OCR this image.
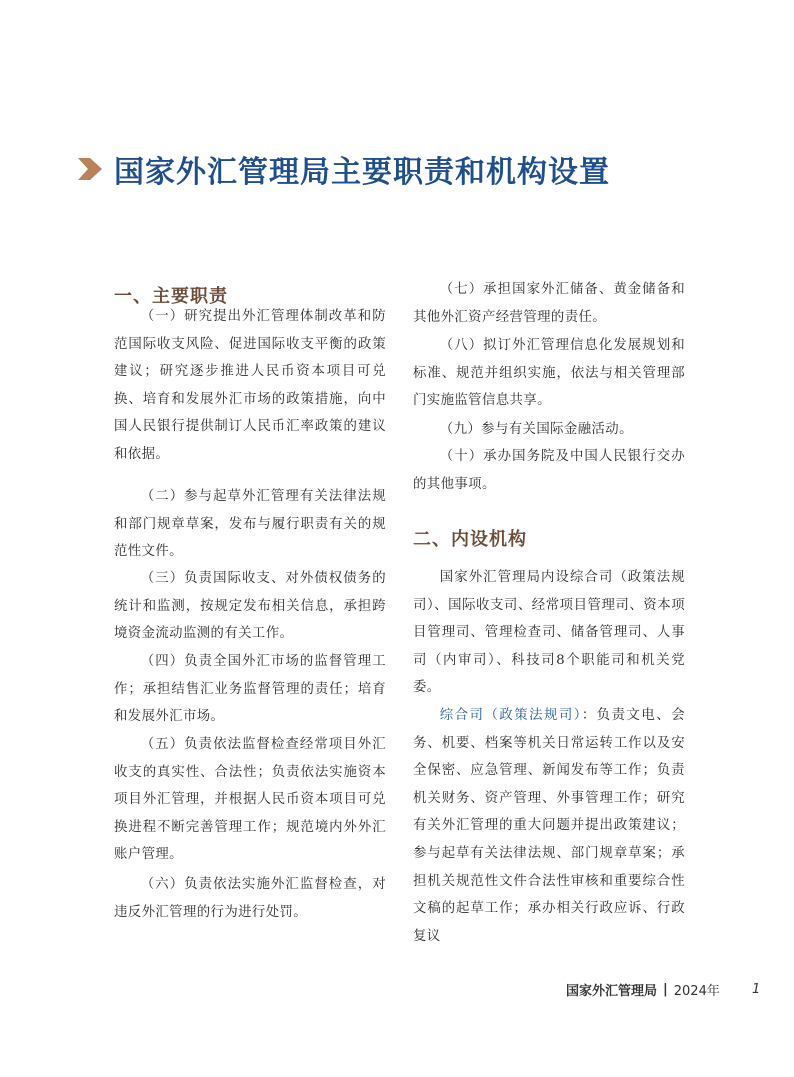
国家外汇管理局主要职责和机构设置
一、主要职责

（一）研究提出外汇管理体制改革和防范国际收支风险、促进国际收支平衡的政策建议；研究逐步推进人民币资本项目可兑换、培育和发展外汇市场的政策措施，向中国人民银行提供制订人民币汇率政策的建议和依据。

（二）参与起草外汇管理有关法律法规和部门规章草案，发布与履行职责有关的规范性文件。

（三）负责国际收支、对外债权债务的统计和监测，按规定发布相关信息，承担跨境资金流动监测的有关工作。

（四）负责全国外汇市场的监督管理工作；承担结售汇业务监督管理的责任；培育和发展外汇市场。

（五）负责依法监督检查经常项目外汇收支的真实性、合法性；负责依法实施资本项目外汇管理，并根据人民币资本项目可兑换进程不断完善管理工作；规范境内外外汇账户管理。

（六）负责依法实施外汇监督检查，对违反外汇管理的行为进行处罚。

（七）承担国家外汇储备、黄金储备和其他外汇资产经营管理的责任。

（八）拟订外汇管理信息化发展规划和标准、规范并组织实施，依法与相关管理部门实施监管信息共享。

（九）参与有关国际金融活动。

（十）承办国务院及中国人民银行交办的其他事项。

二、内设机构

国家外汇管理局内设综合司（政策法规司）、国际收支司、经常项目管理司、资本项目管理司、管理检查司、储备管理司、人事司（内审司）、科技司8个职能司和机关党委。

综合司（政策法规司）：负责文电、会务、机要、档案等机关日常运转工作以及安全保密、应急管理、新闻发布等工作；负责机关财务、资产管理、外事管理工作；研究有关外汇管理的重大问题并提出政策建议；参与起草有关法律法规、部门规章草案；承担机关规范性文件合法性审核和重要综合性文稿的起草工作；承办相关行政应诉、行政复议

国家外汇管理局 | 2024年 1
